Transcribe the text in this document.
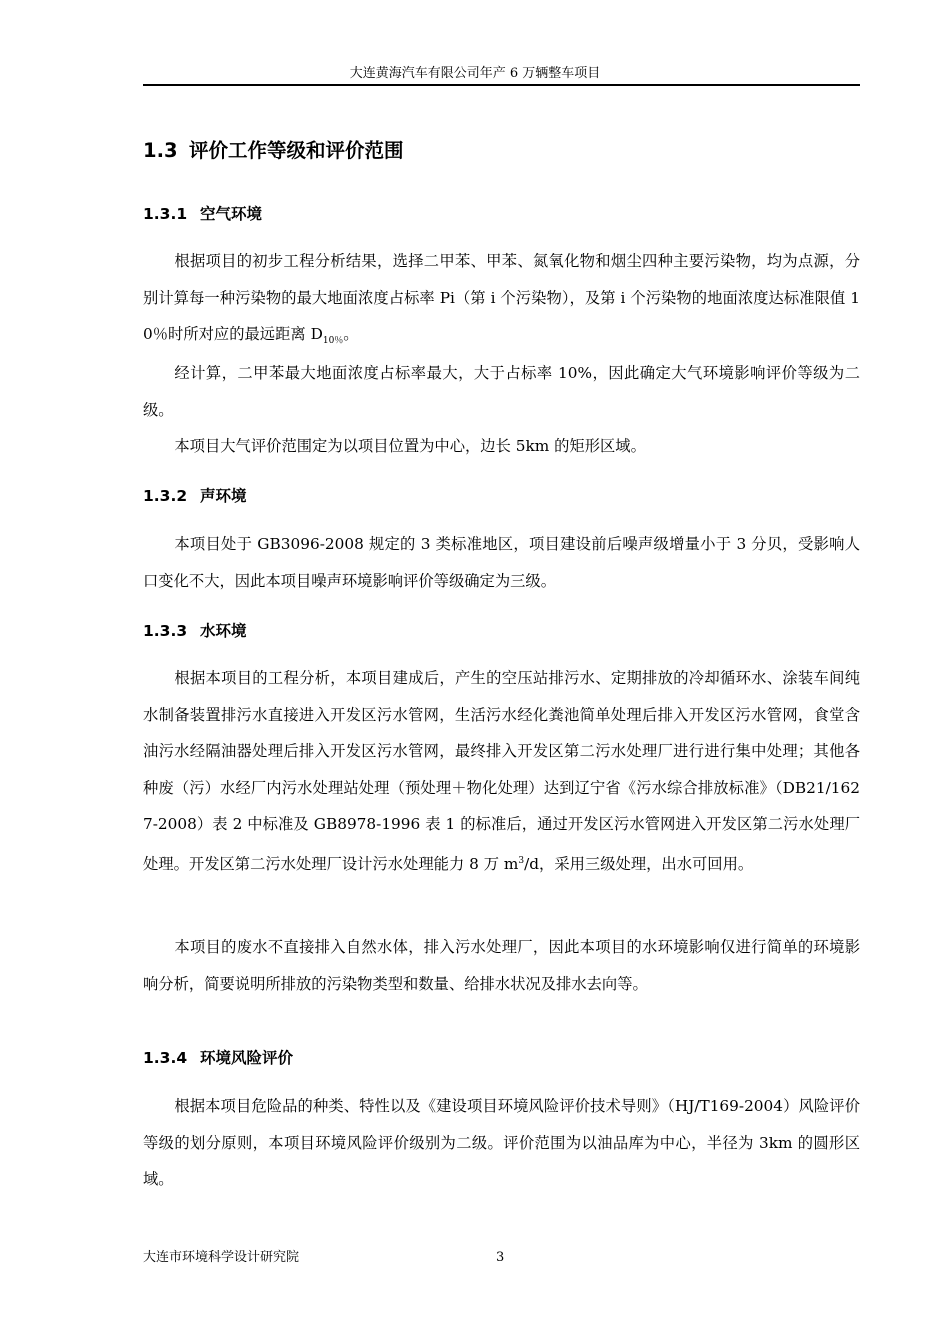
大连黄海汽车有限公司年产 6 万辆整车项目
1.3 评价工作等级和评价范围
1.3.1 空气环境

根据项目的初步工程分析结果，选择二甲苯、甲苯、氮氧化物和烟尘四种主要污染物，均为点源，分别计算每一种污染物的最大地面浓度占标率 Pi（第 i 个污染物），及第 i 个污染物的地面浓度达标准限值 10％时所对应的最远距离 $D_{10\%}$。

经计算，二甲苯最大地面浓度占标率最大，大于占标率 10%，因此确定大气环境影响评价等级为二级。

本项目大气评价范围定为以项目位置为中心，边长 5km 的矩形区域。

1.3.2 声环境

本项目处于 GB3096-2008 规定的 3 类标准地区，项目建设前后噪声级增量小于 3 分贝，受影响人口变化不大，因此本项目噪声环境影响评价等级确定为三级。

1.3.3 水环境

根据本项目的工程分析，本项目建成后，产生的空压站排污水、定期排放的冷却循环水、涂装车间纯水制备装置排污水直接进入开发区污水管网，生活污水经化粪池简单处理后排入开发区污水管网，食堂含油污水经隔油器处理后排入开发区污水管网，最终排入开发区第二污水处理厂进行进行集中处理；其他各种废（污）水经厂内污水处理站处理（预处理＋物化处理）达到辽宁省《污水综合排放标准》（DB21/1627-2008）表 2 中标准及 GB8978-1996 表 1 的标准后，通过开发区污水管网进入开发区第二污水处理厂处理。开发区第二污水处理厂设计污水处理能力 8 万 $m^3/d$，采用三级处理，出水可回用。

本项目的废水不直接排入自然水体，排入污水处理厂，因此本项目的水环境影响仅进行简单的环境影响分析，简要说明所排放的污染物类型和数量、给排水状况及排水去向等。

1.3.4 环境风险评价

根据本项目危险品的种类、特性以及《建设项目环境风险评价技术导则》（HJ/T169-2004）风险评价等级的划分原则，本项目环境风险评价级别为二级。评价范围为以油品库为中心，半径为 3km 的圆形区域。

大连市环境科学设计研究院	3
